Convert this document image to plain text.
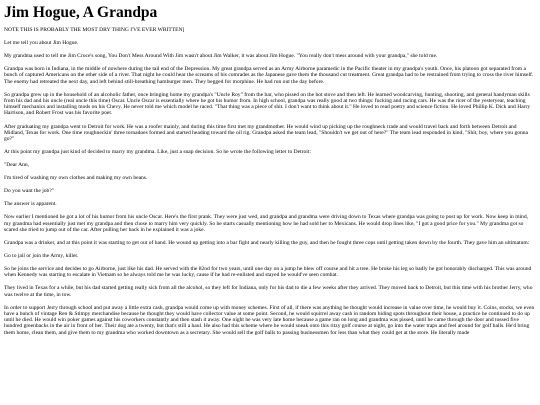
Jim Hogue, A Grandpa

NOTE THIS IS PROBABLY THE MOST DRY THING I'VE EVER WRITTEN]

Let me tell you about Jim Hogue.

My grandma used to tell me Jim Croce's song, You Don't Mess Around With Jim wasn't about Jim Walker, it was about Jim Hogue. "You really don't mess around with your grandpa," she told me.

Grandpa was born in Indiana, in the middle of nowhere during the tail end of the Depression. My great grandpa served as an Army Airborne paramedic in the Pacific theater in my grandpa's youth. Once, his platoon got separated from a bunch of captured Americans on the other side of a river. That night he could hear the screams of his comrades as the Japanese gave them the thousand cut treatment. Great grandpa had to be restrained from trying to cross the river himself. The enemy had retreated the next day, and left behind still-breathing hamburger men. They begged for morphine. He had run out the day before.

So grandpa grew up in the household of an alcoholic father, once bringing home my grandpa's "Uncle Roy" from the bar, who pissed on the hot stove and then left. He learned woodcarving, hunting, shooting, and general handyman skills from his dad and his uncle (real uncle this time) Oscar. Uncle Oscar is essentially where he got his humor from. In high school, grandpa was really good at two things: fucking and racing cars. He was the ricer of the yesteryear, teaching himself mechanics and installing mods on his Chevy. He never told me which model he raced. "That thing was a piece of shit. I don't want to think about it." He loved to read poetry and science fiction. He loved Phillip K. Dick and Harry Harrison, and Robert Frost was his favorite poet.

After graduating my grandpa went to Detroit for work. He was a roofer mainly, and during this time first met my grandmother. He would wind up picking up the roughneck trade and would travel back and forth between Detroit and Midland, Texas for work. One time roughneckin' three tornadoes formed and started heading toward the oil rig. Grandpa asked the team lead, "Shouldn't we get out of here?" The team lead responded in kind, "Shit, boy, where you gonna go?"

At this point my grandpa just kind of decided to marry my grandma. Like, just a snap decision. So he wrote the following letter to Detroit:

"Dear Ann,

I'm tired of washing my own clothes and making my own beans.

Do you want the job?"

The answer is apparent.

Now earlier I mentioned he got a lot of his humor from his uncle Oscar. Here's the first prank. They were just wed, and grandpa and grandma were driving down to Texas where grandpa was going to post up for work. Now keep in mind, my grandma had essentially just met my grandpa and then chose to marry him very quickly. So he starts casually mentioning how he had sold her to Mexicans. He would drop lines like, "I got a good price for you." My grandma got so scared she tried to jump out of the car. After pulling her back in he explained it was a joke.

Grandpa was a drinker, and at this point it was starting to get out of hand. He wound up getting into a bar fight and nearly killing the guy, and then he fought three cops until getting taken down by the fourth. They gave him an ultimatum:

Go to jail or join the Army, killer.

So he joins the service and decides to go Airborne, just like his dad. He served with the 82nd for two years, until one day on a jump he blew off course and hit a tree. He broke his leg so badly he got honorably discharged. This was around when Kennedy was starting to escalate in Vietnam so he always told me he was lucky, cause if he had re-enlisted and stayed he would've seen combat.

They lived in Texas for a while, but his dad started getting really sick from all the alcohol, so they left for Indiana, only for his dad to die a few weeks after they arrived. They moved back to Detroit, but this time with his brother Jerry, who was twelve at the time, in tow.

In order to support Jerry through school and put away a little extra cash, grandpa would come up with money schemes. First of all, if there was anything he thought would increase in value over time, he would buy it. Coins, stocks, we even have a bunch of vintage Ren & Stimpy merchandise because he thought they would have collector value at some point. Second, he would squirrel away cash in random hiding spots throughout their house, a practice he continued to do up until he died. He would win poker games against his coworkers constantly and then stash it away. One night he was very late home because a game ran on long and grandma was pissed, until he came through the door and tossed five hundred greenbacks in the air in front of her. Their dog ate a twenty, but that's still a haul. He also had this scheme where he would sneak onto this ritzy golf course at night, go into the water traps and feel around for golf balls. He'd bring them home, clean them, and give them to my grandma who worked downtown as a secretary. She would sell the golf balls to passing businessmen for less than what they could get at the store. He literally made
